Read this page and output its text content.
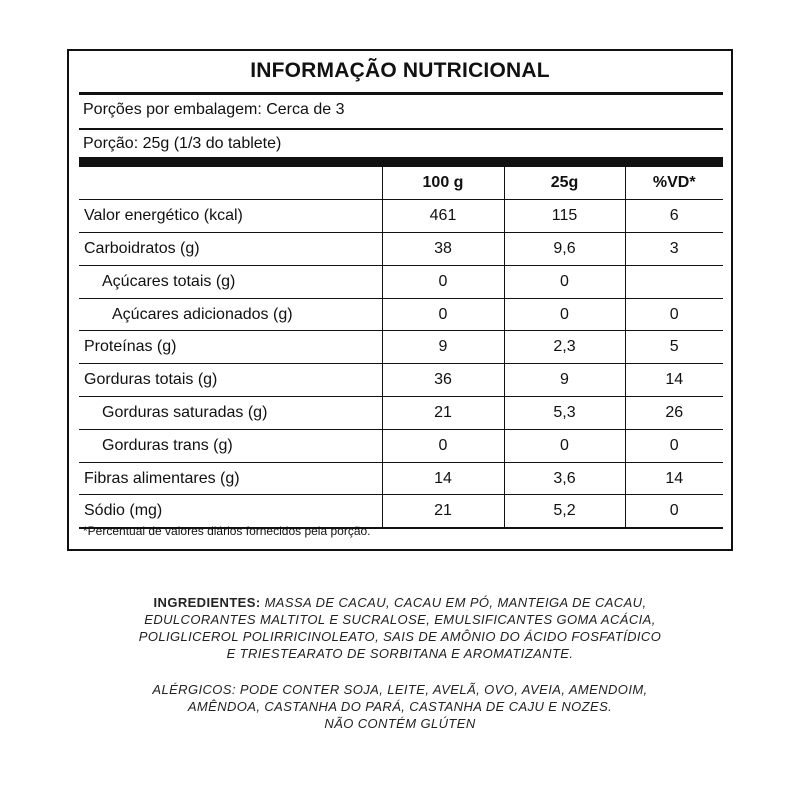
INFORMAÇÃO NUTRICIONAL
Porções por embalagem: Cerca de 3
Porção: 25g (1/3 do tablete)
	100 g	25g	%VD*
Valor energético (kcal)	461	115	6
Carboidratos (g)	38	9,6	3
Açúcares totais (g)	0	0	
Açúcares adicionados (g)	0	0	0
Proteínas (g)	9	2,3	5
Gorduras totais (g)	36	9	14
Gorduras saturadas (g)	21	5,3	26
Gorduras trans (g)	0	0	0
Fibras alimentares (g)	14	3,6	14
Sódio (mg)	21	5,2	0
*Percentual de valores diários fornecidos pela porção.
INGREDIENTES: MASSA DE CACAU, CACAU EM PÓ, MANTEIGA DE CACAU,
EDULCORANTES MALTITOL E SUCRALOSE, EMULSIFICANTES GOMA ACÁCIA,
POLIGLICEROL POLIRRICINOLEATO, SAIS DE AMÔNIO DO ÁCIDO FOSFATÍDICO
E TRIESTEARATO DE SORBITANA E AROMATIZANTE.
ALÉRGICOS: PODE CONTER SOJA, LEITE, AVELÃ, OVO, AVEIA, AMENDOIM,
AMÊNDOA, CASTANHA DO PARÁ, CASTANHA DE CAJU E NOZES.
NÃO CONTÉM GLÚTEN
